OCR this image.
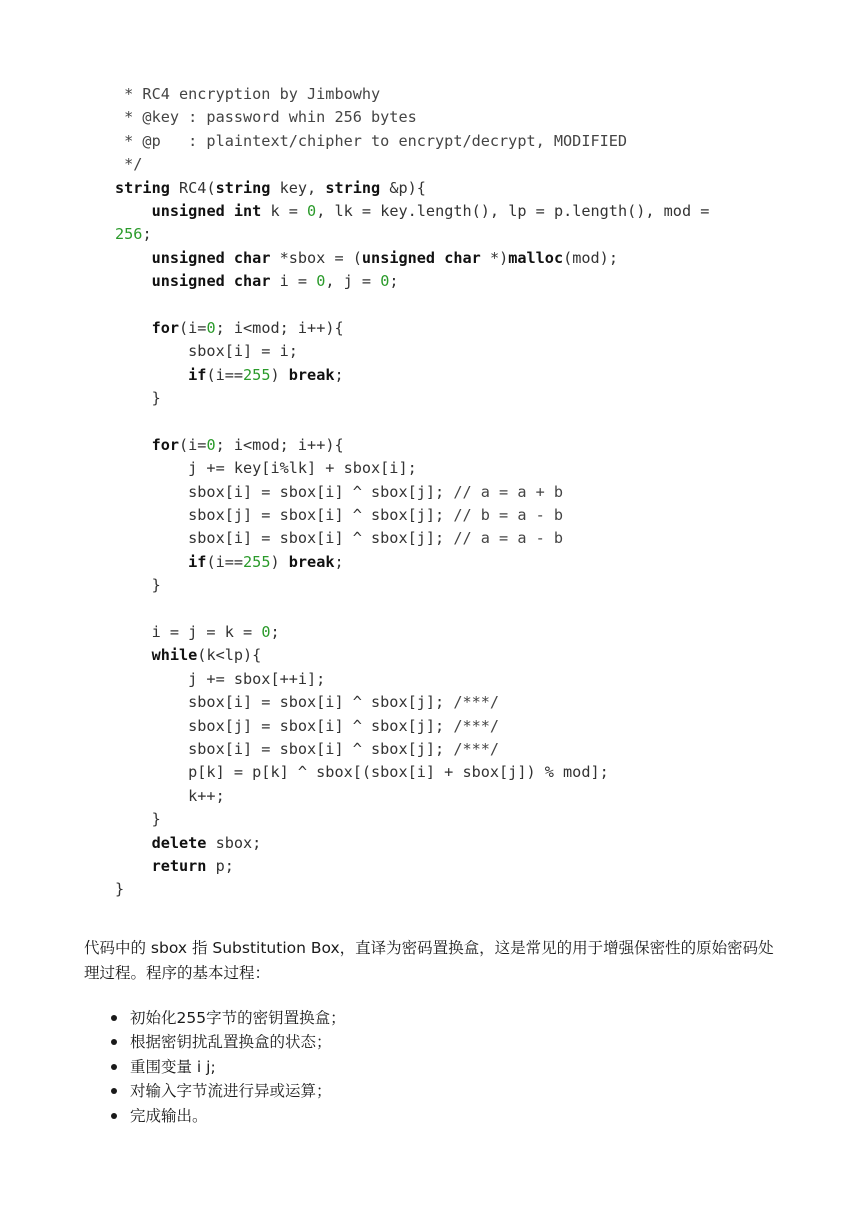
* RC4 encryption by Jimbowhy
* @key : password whin 256 bytes
* @p   : plaintext/chipher to encrypt/decrypt, MODIFIED
*/
string RC4(string key, string &p){
unsigned int k = 0, lk = key.length(), lp = p.length(), mod =
256;
unsigned char *sbox = (unsigned char *)malloc(mod);
unsigned char i = 0, j = 0;
for(i=0; i<mod; i++){
sbox[i] = i;
if(i==255) break;
}
for(i=0; i<mod; i++){
j += key[i%lk] + sbox[i];
sbox[i] = sbox[i] ^ sbox[j]; // a = a + b
sbox[j] = sbox[i] ^ sbox[j]; // b = a - b
sbox[i] = sbox[i] ^ sbox[j]; // a = a - b
if(i==255) break;
}
i = j = k = 0;
while(k<lp){
j += sbox[++i];
sbox[i] = sbox[i] ^ sbox[j]; /***/
sbox[j] = sbox[i] ^ sbox[j]; /***/
sbox[i] = sbox[i] ^ sbox[j]; /***/
p[k] = p[k] ^ sbox[(sbox[i] + sbox[j]) % mod];
k++;
}
delete sbox;
return p;
}

代码中的 sbox 指 Substitution Box，直译为密码置换盒，这是常见的用于增强保密性的原始密码处理过程。程序的基本过程：

初始化255字节的密钥置换盒；
根据密钥扰乱置换盒的状态；
重围变量 i j;
对输入字节流进行异或运算；
完成输出。
